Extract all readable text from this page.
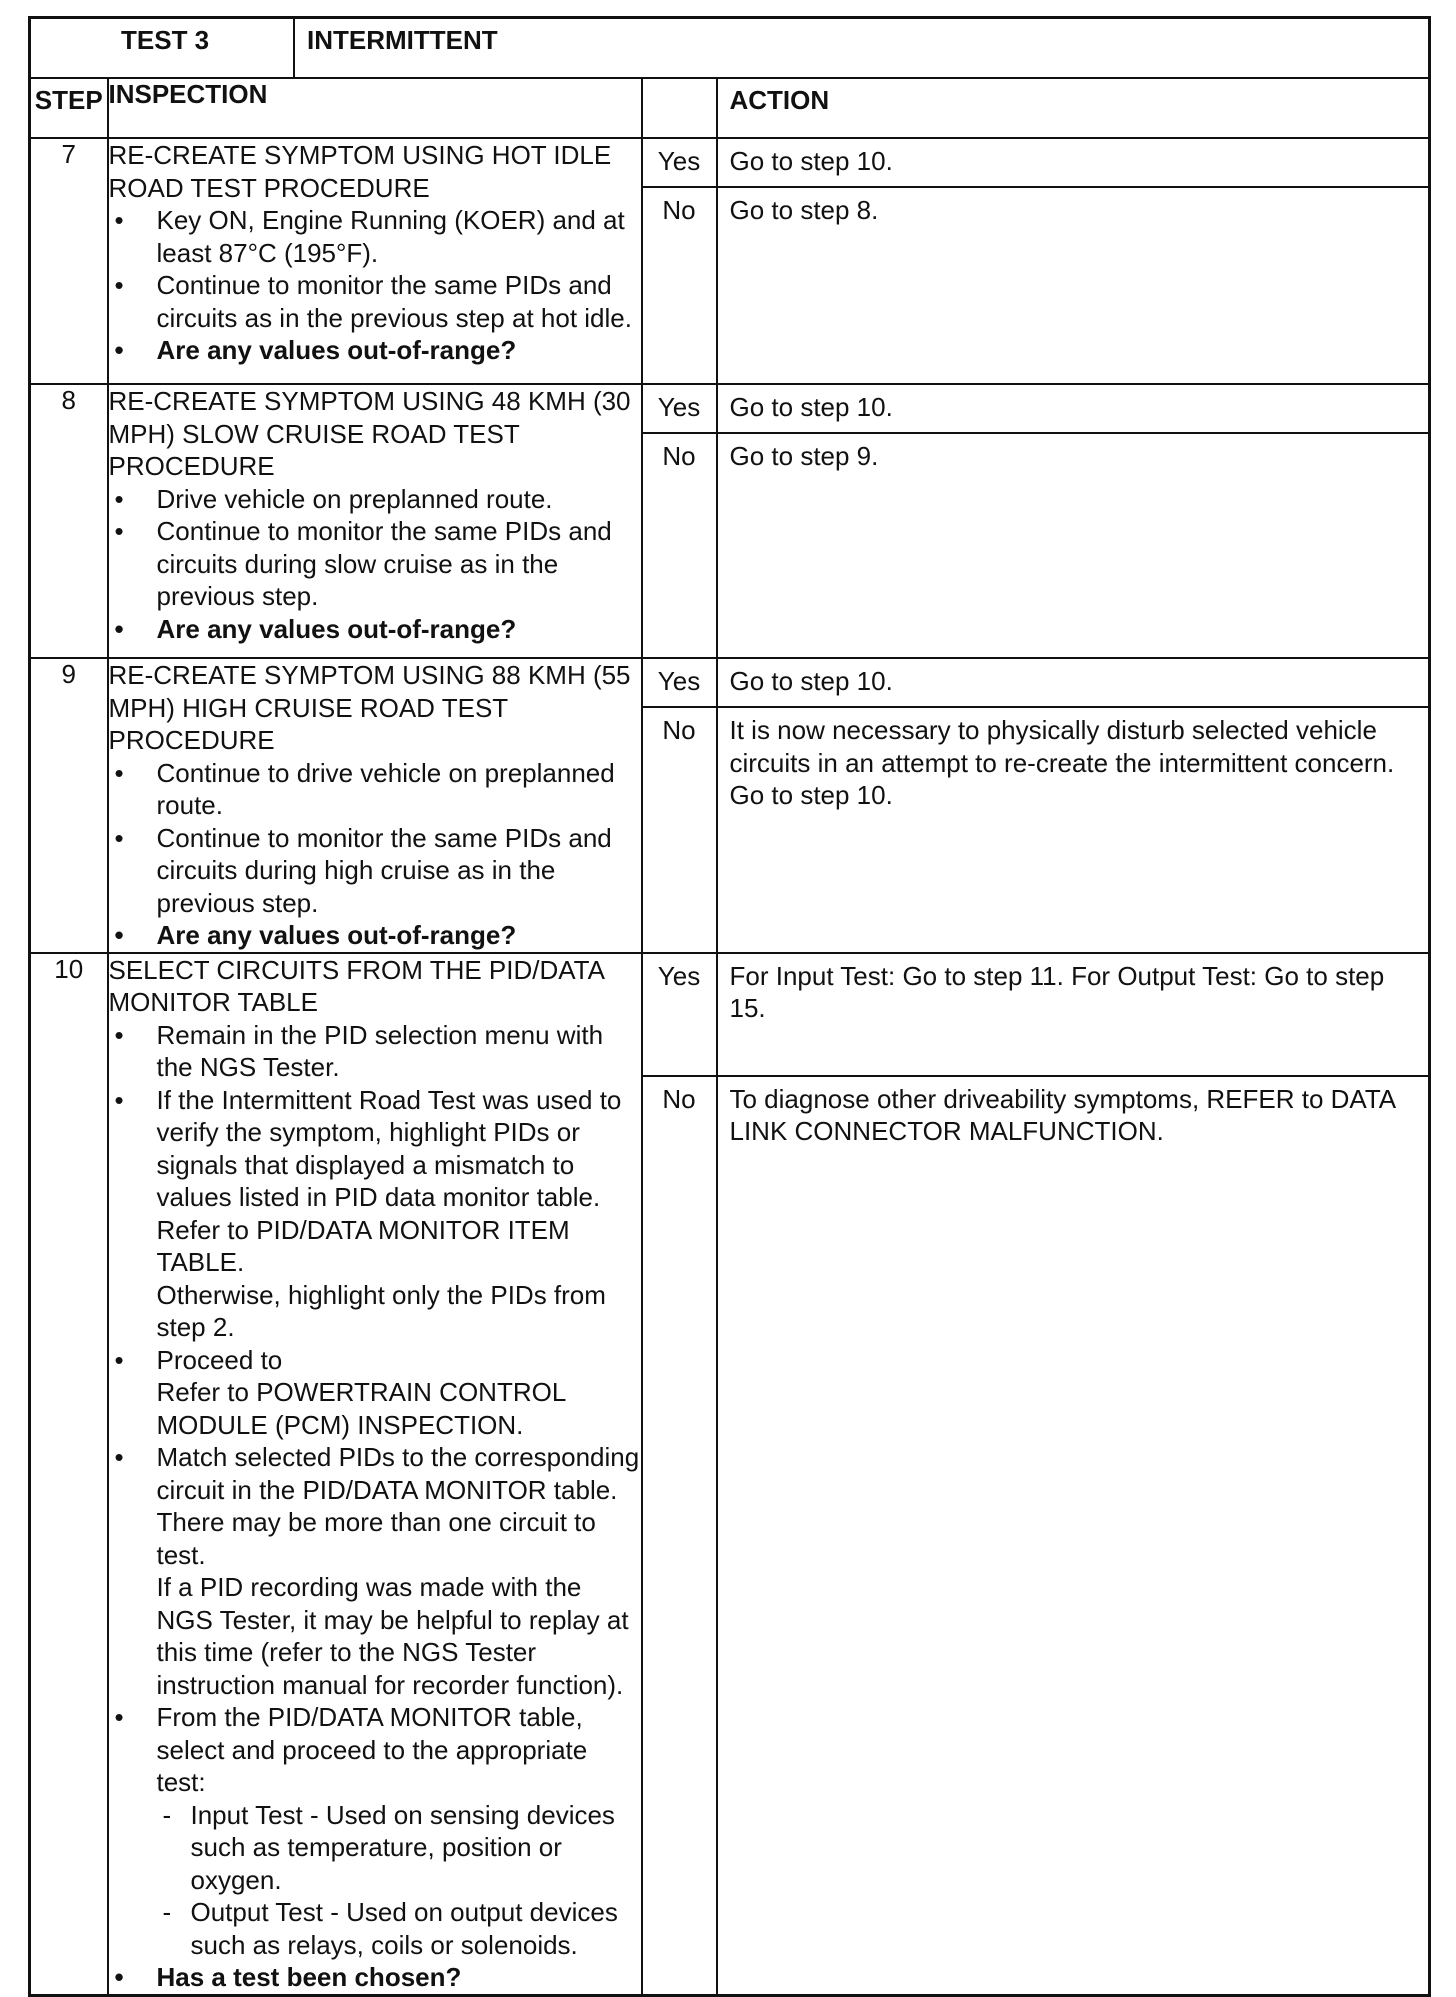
	TEST 3	INTERMITTENT

STEP	INSPECTION	
		ACTION

7	RE-CREATE SYMPTOM USING HOT IDLE ROAD TEST PROCEDURE
• Key ON, Engine Running (KOER) and at least 87°C (195°F).
• Continue to monitor the same PIDs and circuits as in the previous step at hot idle.
• Are any values out-of-range?

Yes	Go to step 10.
No	Go to step 8.

8	RE-CREATE SYMPTOM USING 48 KMH (30 MPH) SLOW CRUISE ROAD TEST PROCEDURE
• Drive vehicle on preplanned route.
• Continue to monitor the same PIDs and circuits during slow cruise as in the previous step.
• Are any values out-of-range?

Yes	Go to step 10.
No	Go to step 9.

9	RE-CREATE SYMPTOM USING 88 KMH (55 MPH) HIGH CRUISE ROAD TEST PROCEDURE
• Continue to drive vehicle on preplanned route.
• Continue to monitor the same PIDs and circuits during high cruise as in the previous step.
• Are any values out-of-range?

Yes	Go to step 10.
No	It is now necessary to physically disturb selected vehicle circuits in an attempt to re-create the intermittent concern. Go to step 10.

10	SELECT CIRCUITS FROM THE PID/DATA MONITOR TABLE
• Remain in the PID selection menu with the NGS Tester.
• If the Intermittent Road Test was used to verify the symptom, highlight PIDs or signals that displayed a mismatch to values listed in PID data monitor table.
Refer to PID/DATA MONITOR ITEM TABLE.
Otherwise, highlight only the PIDs from step 2.
• Proceed to
Refer to POWERTRAIN CONTROL MODULE (PCM) INSPECTION.
• Match selected PIDs to the corresponding circuit in the PID/DATA MONITOR table.
There may be more than one circuit to test.
If a PID recording was made with the NGS Tester, it may be helpful to replay at this time (refer to the NGS Tester instruction manual for recorder function).
• From the PID/DATA MONITOR table, select and proceed to the appropriate test:
- Input Test - Used on sensing devices such as temperature, position or oxygen.
- Output Test - Used on output devices such as relays, coils or solenoids.
• Has a test been chosen?

Yes	For Input Test: Go to step 11. For Output Test: Go to step 15.
No	To diagnose other driveability symptoms, REFER to DATA LINK CONNECTOR MALFUNCTION.
